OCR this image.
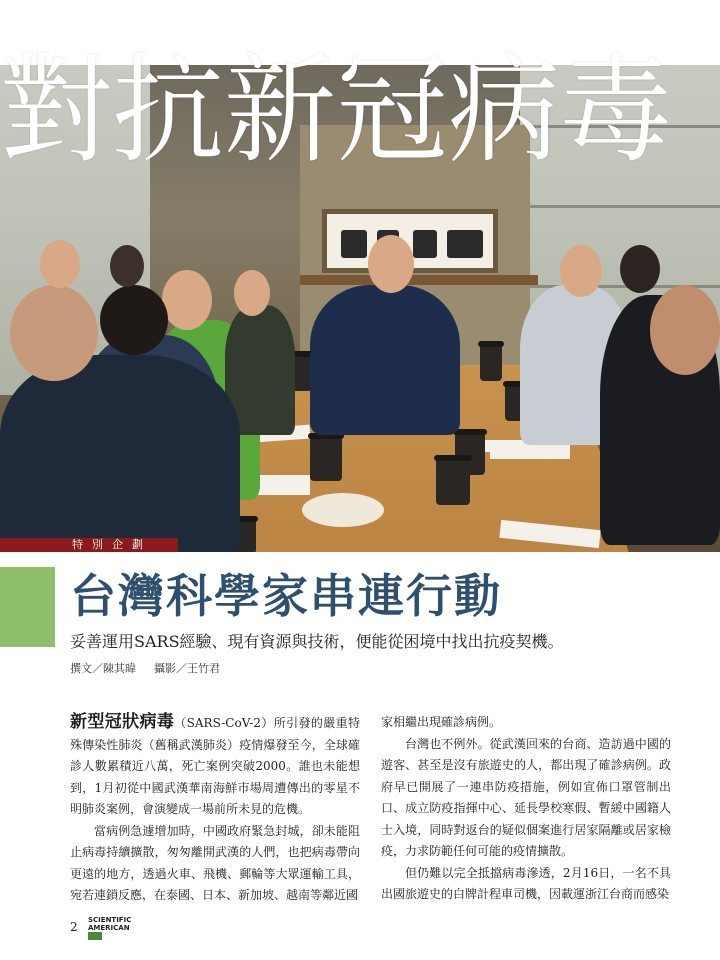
對抗新冠病毒
特別企劃
台灣科學家串連行動
妥善運用SARS經驗、現有資源與技術，便能從困境中找出抗疫契機。
撰文／陳其暐 攝影／王竹君

新型冠狀病毒（SARS-CoV-2）所引發的嚴重特殊傳染性肺炎（舊稱武漢肺炎）疫情爆發至今，全球確診人數累積近八萬，死亡案例突破2000。誰也未能想到，1月初從中國武漢華南海鮮市場周遭傳出的零星不明肺炎案例，會演變成一場前所未見的危機。

當病例急遽增加時，中國政府緊急封城，卻未能阻止病毒持續擴散，匆匆離開武漢的人們，也把病毒帶向更遠的地方，透過火車、飛機、郵輪等大眾運輸工具，宛若連鎖反應，在泰國、日本、新加坡、越南等鄰近國

家相繼出現確診病例。

台灣也不例外。從武漢回來的台商、造訪過中國的遊客、甚至是沒有旅遊史的人，都出現了確診病例。政府早已開展了一連串防疫措施，例如宣佈口罩管制出口、成立防疫指揮中心、延長學校寒假、暫緩中國籍人士入境，同時對返台的疑似個案進行居家隔離或居家檢疫，力求防範任何可能的疫情擴散。

但仍難以完全抵擋病毒滲透，2月16日，一名不具出國旅遊史的白牌計程車司機，因載運浙江台商而感染

2 SCIENTIFIC
AMERICAN
